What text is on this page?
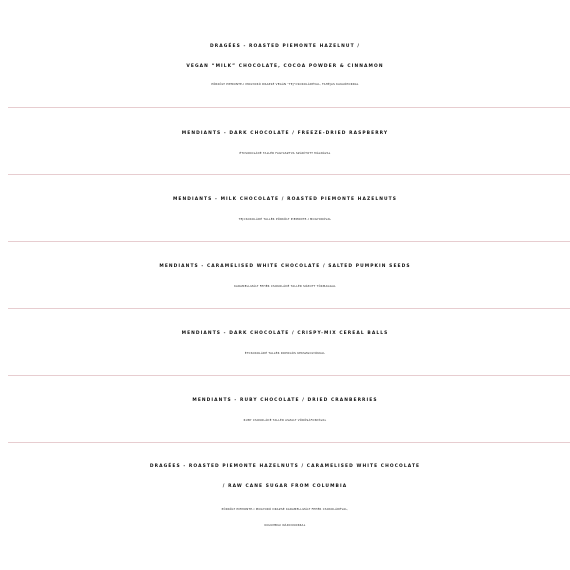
DRAGÉES - ROASTED PIEMONTE HAZELNUT /
VEGAN “MILK” CHOCOLATE, COCOA POWDER & CINNAMON
PÖRKÖLT PIEMONTE-I MOGYORÓ DRAZSÉ VEGÁN “TEJ”CSOKOLÁDÉVAL, FAHÉJAS KAKAÓPORRAL
MENDIANTS - DARK CHOCOLATE / FREEZE-DRIED RASPBERRY
ÉTCSOKOLÁDÉ TALLÉR FAGYASZTVA SZÁRÍTOTT MÁLNÁVAL
MENDIANTS - MILK CHOCOLATE / ROASTED PIEMONTE HAZELNUTS
TEJCSOKOLÁDÉ TALLÉR PÖRKÖLT PIEMONTE-I MOGYORÓVAL
MENDIANTS - CARAMELISED WHITE CHOCOLATE / SALTED PUMPKIN SEEDS
KARAMELLIZÁLT FEHÉR CSOKOLÁDÉ TALLÉR SÓZOTT TÖKMAGGAL
MENDIANTS - DARK CHOCOLATE / CRISPY-MIX CEREAL BALLS
ÉTCSOKOLÁDÉ TALLÉR ROPOGÓS KEKSZGOLYÓKKAL
MENDIANTS - RUBY CHOCOLATE / DRIED CRANBERRIES
RUBY CSOKOLÁDÉ TALLÉR ASZALT VÖRÖSÁFONYÁVAL
DRAGÉES - ROASTED PIEMONTE HAZELNUTS / CARAMELISED WHITE CHOCOLATE
/ RAW CANE SUGAR FROM COLUMBIA
PÖRKÖLT PIEMONTE-I MOGYORÓ DRAZSÉ KARAMELLIZÁLT FEHÉR CSOKOLÁDÉVAL,
KOLUMBIAI NÁDCUKORRAL
